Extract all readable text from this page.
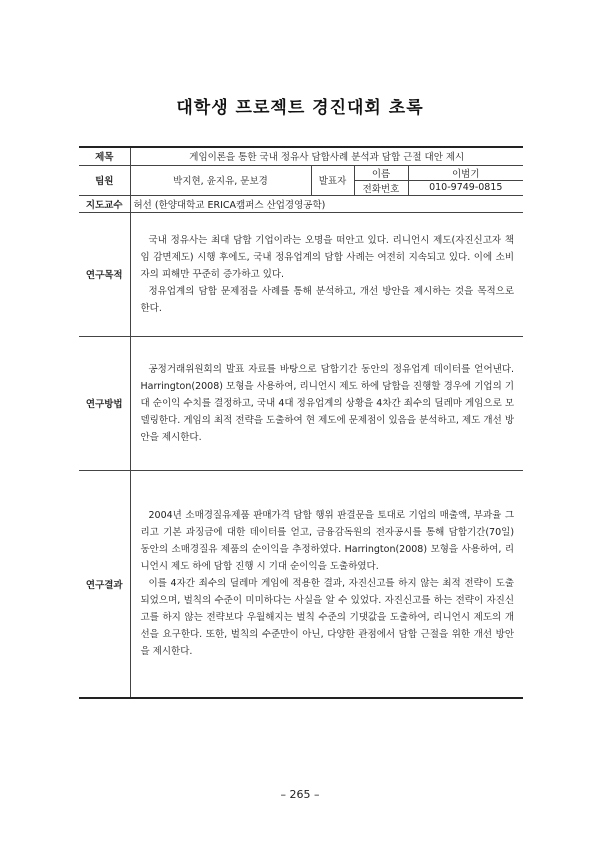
대학생 프로젝트 경진대회 초록
제목	게임이론을 통한 국내 정유사 담합사례 분석과 담합 근절 대안 제시			
팀원	박지현, 윤지유, 문보경	발표자	이름	이범기
			전화번호	010-9749-0815
지도교수	허선 (한양대학교 ERICA캠퍼스 산업경영공학)			
연구목적	국내 정유사는 최대 담합 기업이라는 오명을 떠안고 있다. 리니언시 제도(자진신고자 책임 감면제도) 시행 후에도, 국내 정유업계의 담합 사례는 여전히 지속되고 있다. 이에 소비자의 피해만 꾸준히 증가하고 있다.

정유업계의 담합 문제점을 사례를 통해 분석하고, 개선 방안을 제시하는 것을 목적으로 한다.			

연구방법	공정거래위원회의 발표 자료를 바탕으로 담합기간 동안의 정유업계 데이터를 얻어낸다. Harrington(2008) 모형을 사용하여, 리니언시 제도 하에 담합을 진행할 경우에 기업의 기대 순이익 수치를 결정하고, 국내 4대 정유업계의 상황을 4차간 죄수의 딜레마 게임으로 모델링한다. 게임의 최적 전략을 도출하여 현 제도에 문제점이 있음을 분석하고, 제도 개선 방안을 제시한다.			

연구결과	2004년 소매경질유제품 판매가격 담합 행위 판결문을 토대로 기업의 매출액, 부과율 그리고 기본 과징금에 대한 데이터를 얻고, 금융감독원의 전자공시를 통해 담합기간(70일) 동안의 소매경질유 제품의 순이익을 추정하였다. Harrington(2008) 모형을 사용하여, 리니언시 제도 하에 담합 진행 시 기대 순이익을 도출하였다.

이를 4자간 죄수의 딜레마 게임에 적용한 결과, 자진신고를 하지 않는 최적 전략이 도출되었으며, 벌칙의 수준이 미미하다는 사실을 알 수 있었다. 자진신고를 하는 전략이 자진신고를 하지 않는 전략보다 우월해지는 벌칙 수준의 기댓값을 도출하여, 리니언시 제도의 개선을 요구한다. 또한, 벌칙의 수준만이 아닌, 다양한 관점에서 담합 근절을 위한 개선 방안을 제시한다.			

– 265 –
